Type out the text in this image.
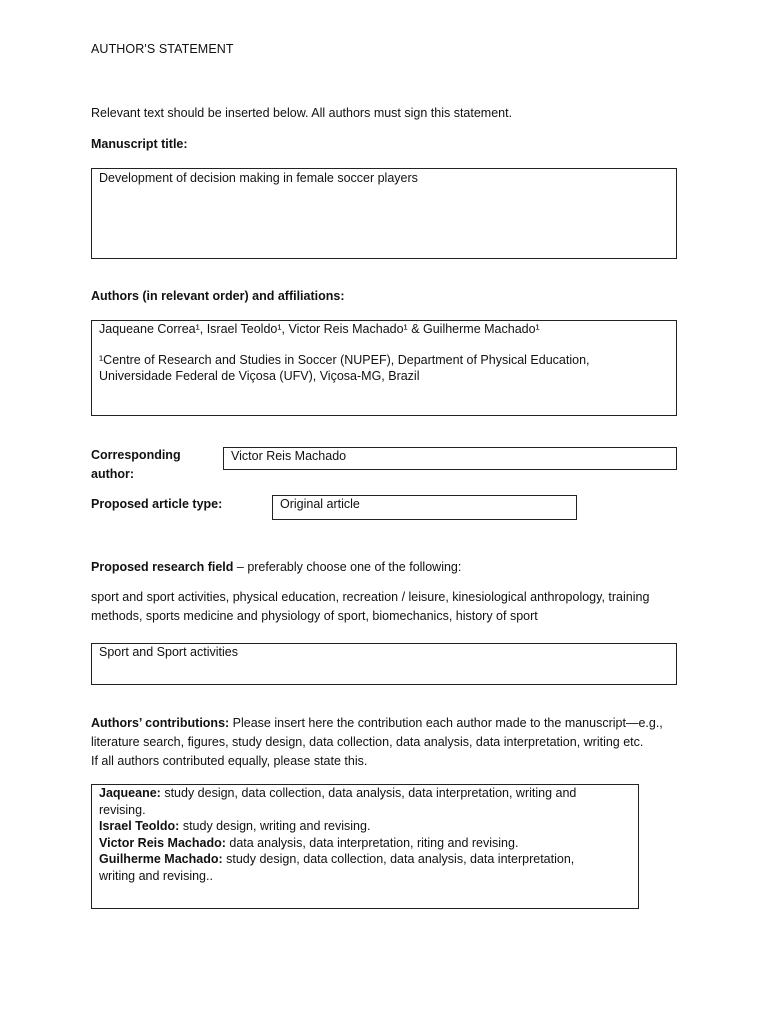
AUTHOR'S STATEMENT
Relevant text should be inserted below. All authors must sign this statement.
Manuscript title:

Development of decision making in female soccer players

Authors (in relevant order) and affiliations:

Jaqueane Correa¹, Israel Teoldo¹, Victor Reis Machado¹ & Guilherme Machado¹

¹Centre of Research and Studies in Soccer (NUPEF), Department of Physical Education,

Universidade Federal de Viçosa (UFV), Viçosa-MG, Brazil

Corresponding
author:

Victor Reis Machado

Proposed article type:	Original article

Proposed research field – preferably choose one of the following:
sport and sport activities, physical education, recreation / leisure, kinesiological anthropology, training
methods, sports medicine and physiology of sport, biomechanics, history of sport

Sport and Sport activities

Authors’ contributions: Please insert here the contribution each author made to the manuscript—e.g.,
literature search, figures, study design, data collection, data analysis, data interpretation, writing etc.
If all authors contributed equally, please state this.

Jaqueane: study design, data collection, data analysis, data interpretation, writing and

revising.

Israel Teoldo: study design, writing and revising.

Victor Reis Machado: data analysis, data interpretation, riting and revising.

Guilherme Machado: study design, data collection, data analysis, data interpretation,

writing and revising..
